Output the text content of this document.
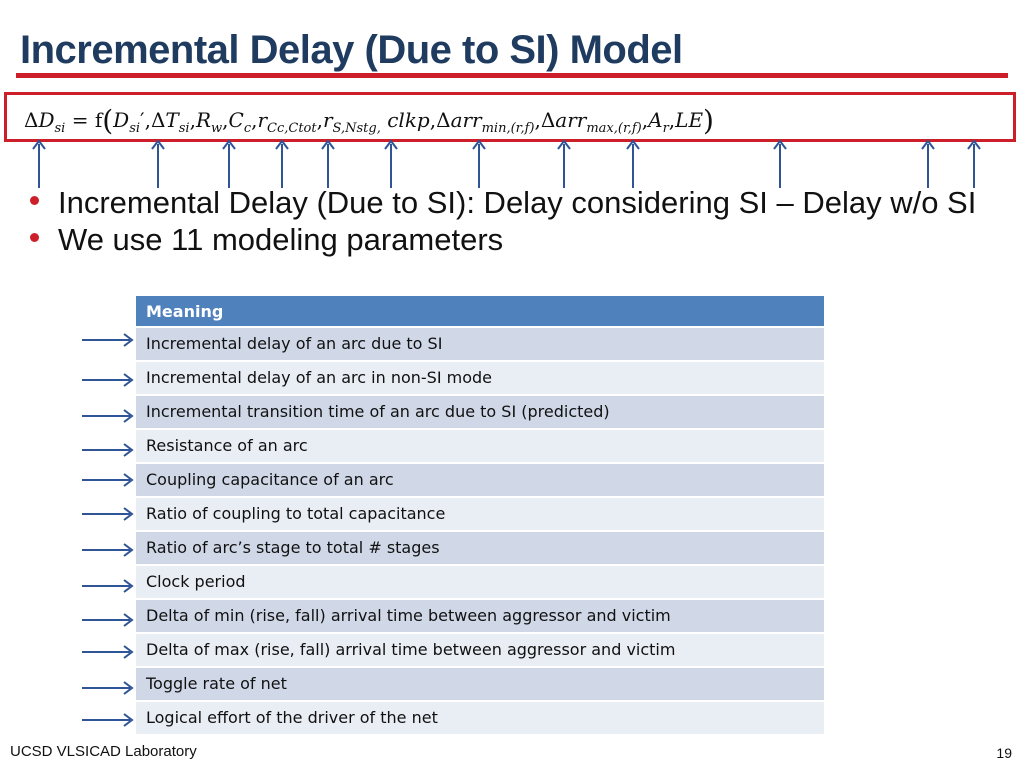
Incremental Delay (Due to SI) Model
$\Delta D_{si} = f(D_{si}',\Delta T_{si},R_w,C_c,r_{Cc,Ctot},r_{S,Nstg,}$ $clkp,\Delta arr_{min,(r,f)},\Delta arr_{max,(r,f)},A_r,LE$)
Incremental Delay (Due to SI): Delay considering SI – Delay w/o SI
We use 11 modeling parameters
Meaning
Incremental delay of an arc due to SI
Incremental delay of an arc in non-SI mode
Incremental transition time of an arc due to SI (predicted)
Resistance of an arc
Coupling capacitance of an arc
Ratio of coupling to total capacitance
Ratio of arc’s stage to total # stages
Clock period
Delta of min (rise, fall) arrival time between aggressor and victim
Delta of max (rise, fall) arrival time between aggressor and victim
Toggle rate of net
Logical effort of the driver of the net
UCSD VLSICAD Laboratory	19
